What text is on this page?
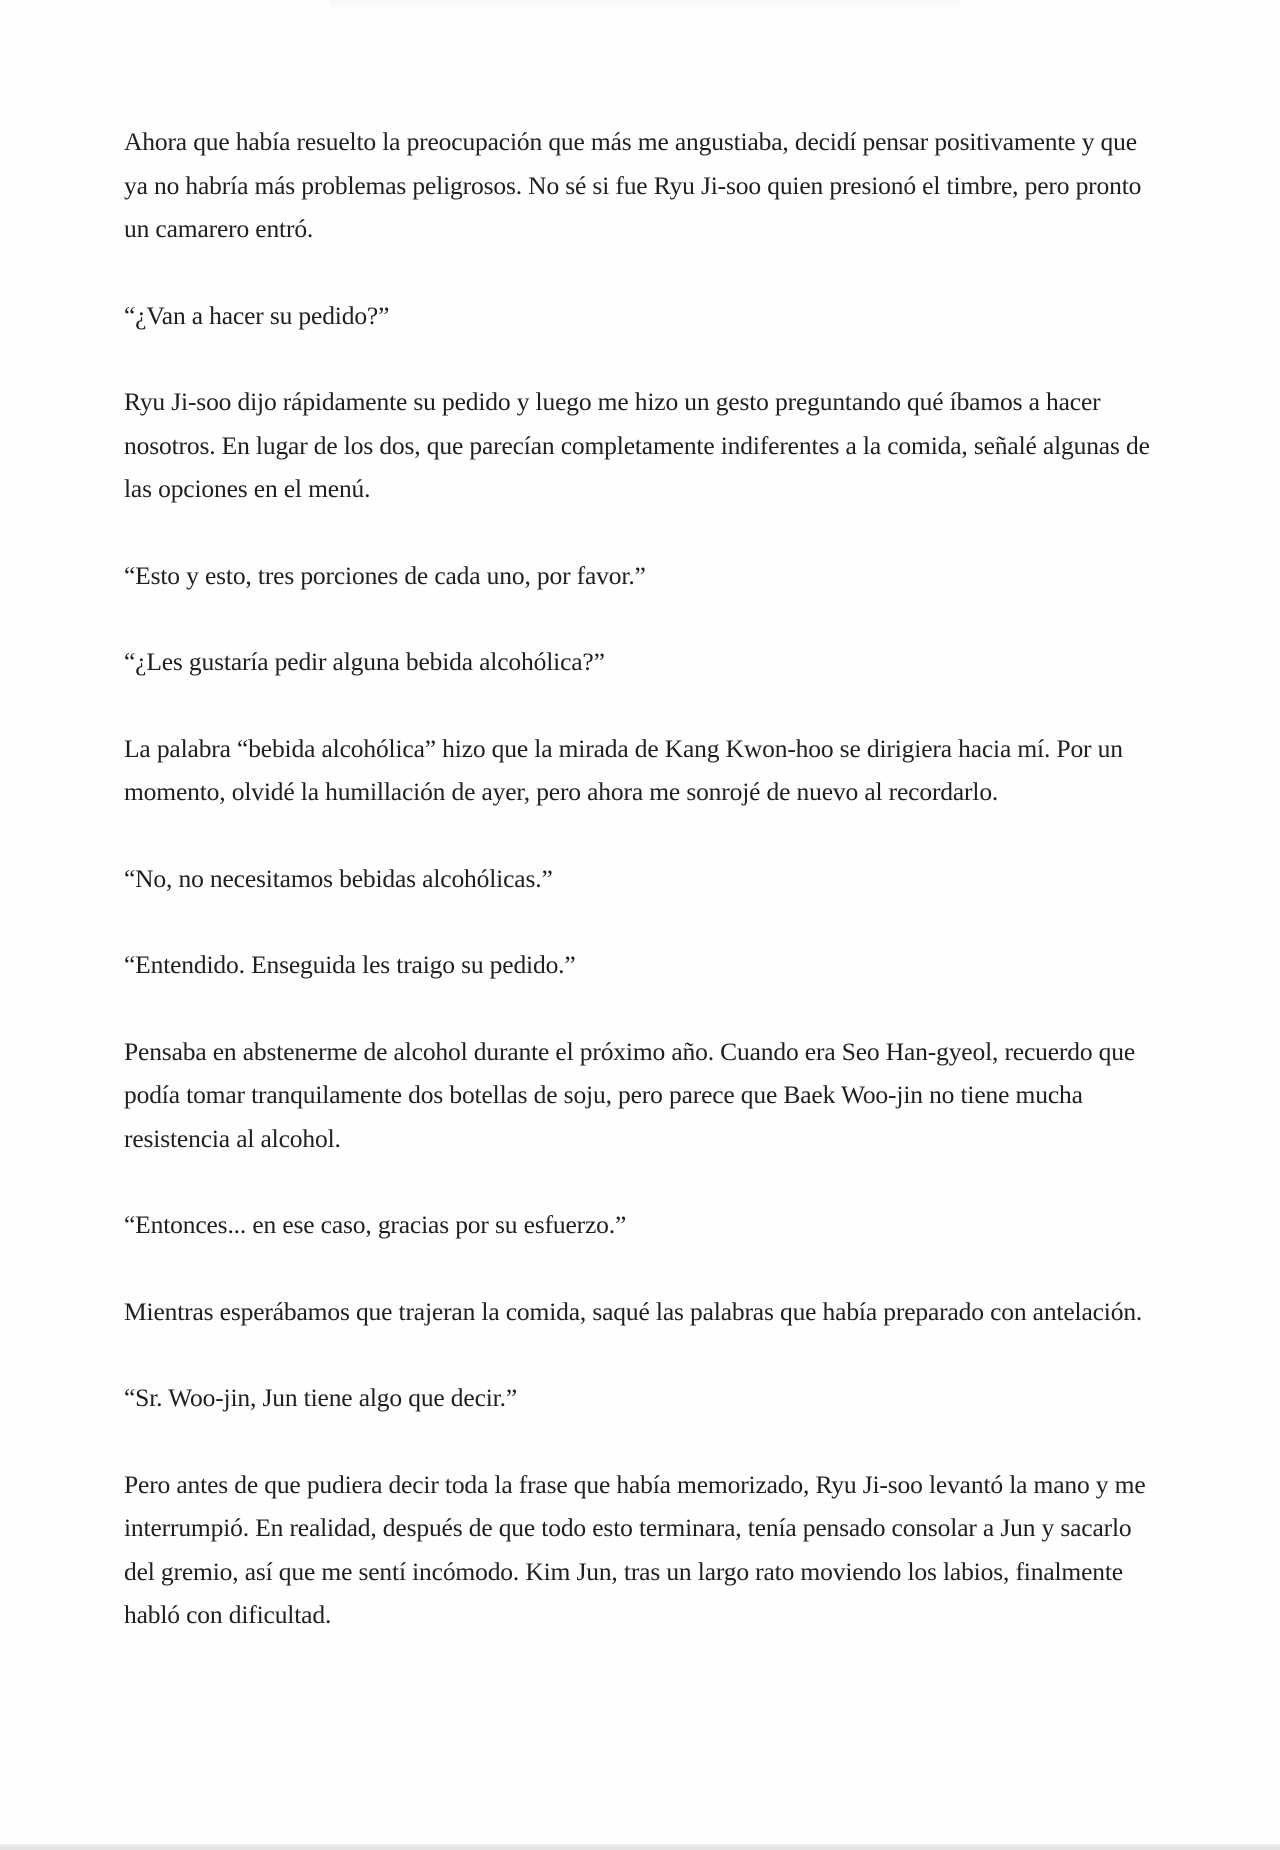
Ahora que había resuelto la preocupación que más me angustiaba, decidí pensar positivamente y que ya no habría más problemas peligrosos. No sé si fue Ryu Ji-soo quien presionó el timbre, pero pronto un camarero entró.

“¿Van a hacer su pedido?”

Ryu Ji-soo dijo rápidamente su pedido y luego me hizo un gesto preguntando qué íbamos a hacer nosotros. En lugar de los dos, que parecían completamente indiferentes a la comida, señalé algunas de las opciones en el menú.

“Esto y esto, tres porciones de cada uno, por favor.”

“¿Les gustaría pedir alguna bebida alcohólica?”

La palabra “bebida alcohólica” hizo que la mirada de Kang Kwon-hoo se dirigiera hacia mí. Por un momento, olvidé la humillación de ayer, pero ahora me sonrojé de nuevo al recordarlo.

“No, no necesitamos bebidas alcohólicas.”

“Entendido. Enseguida les traigo su pedido.”

Pensaba en abstenerme de alcohol durante el próximo año. Cuando era Seo Han-gyeol, recuerdo que podía tomar tranquilamente dos botellas de soju, pero parece que Baek Woo-jin no tiene mucha resistencia al alcohol.

“Entonces... en ese caso, gracias por su esfuerzo.”

Mientras esperábamos que trajeran la comida, saqué las palabras que había preparado con antelación.

“Sr. Woo-jin, Jun tiene algo que decir.”

Pero antes de que pudiera decir toda la frase que había memorizado, Ryu Ji-soo levantó la mano y me interrumpió. En realidad, después de que todo esto terminara, tenía pensado consolar a Jun y sacarlo del gremio, así que me sentí incómodo. Kim Jun, tras un largo rato moviendo los labios, finalmente habló con dificultad.
